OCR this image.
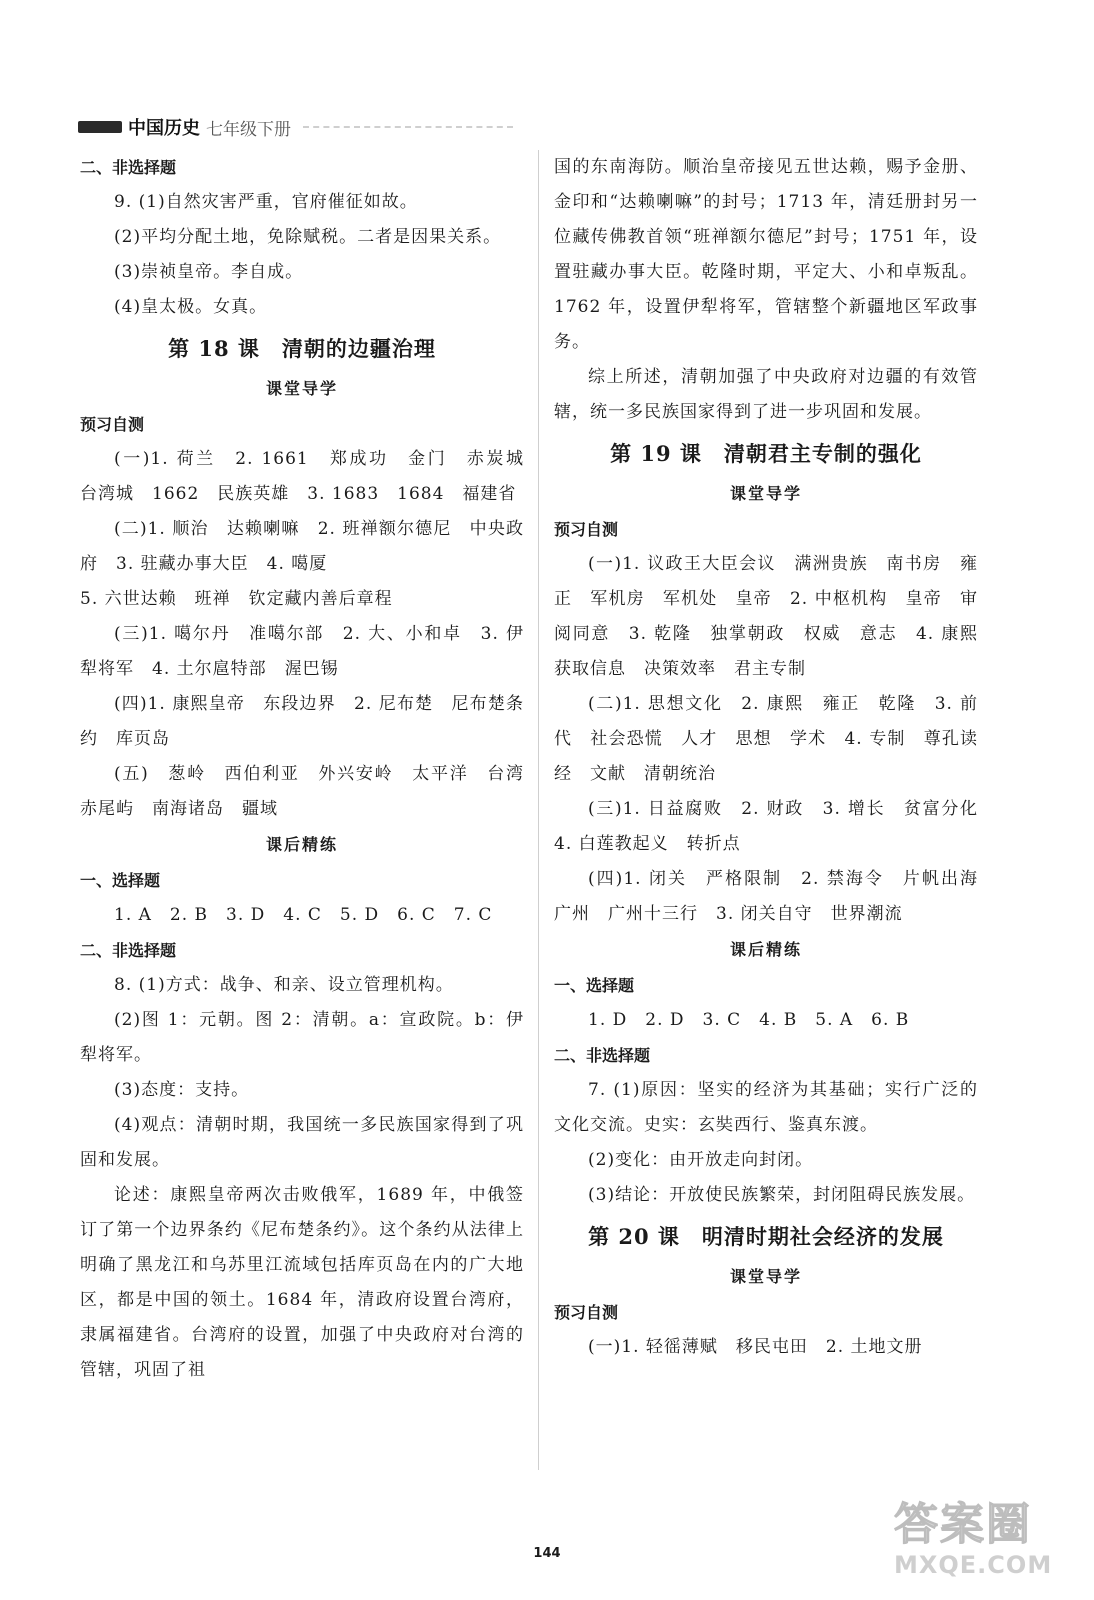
中国历史 七年级下册

二、非选择题

9. (1)自然灾害严重，官府催征如故。

(2)平均分配土地，免除赋税。二者是因果关系。

(3)崇祯皇帝。李自成。

(4)皇太极。女真。

第 18 课　清朝的边疆治理

课堂导学

预习自测

(一)1. 荷兰　2. 1661　郑成功　金门　赤炭城　台湾城　1662　民族英雄　3. 1683　1684　福建省

(二)1. 顺治　达赖喇嘛　2. 班禅额尔德尼　中央政府　3. 驻藏办事大臣　4. 噶厦

5. 六世达赖　班禅　钦定藏内善后章程

(三)1. 噶尔丹　准噶尔部　2. 大、小和卓　3. 伊犁将军　4. 土尔扈特部　渥巴锡

(四)1. 康熙皇帝　东段边界　2. 尼布楚　尼布楚条约　库页岛

(五)　葱岭　西伯利亚　外兴安岭　太平洋　台湾　赤尾屿　南海诸岛　疆域

课后精练

一、选择题

1. A　2. B　3. D　4. C　5. D　6. C　7. C

二、非选择题

8. (1)方式：战争、和亲、设立管理机构。

(2)图 1：元朝。图 2：清朝。a：宣政院。b：伊犁将军。

(3)态度：支持。

(4)观点：清朝时期，我国统一多民族国家得到了巩固和发展。

论述：康熙皇帝两次击败俄军，1689 年，中俄签订了第一个边界条约《尼布楚条约》。这个条约从法律上明确了黑龙江和乌苏里江流域包括库页岛在内的广大地区，都是中国的领土。1684 年，清政府设置台湾府，隶属福建省。台湾府的设置，加强了中央政府对台湾的管辖，巩固了祖

国的东南海防。顺治皇帝接见五世达赖，赐予金册、金印和“达赖喇嘛”的封号；1713 年，清廷册封另一位藏传佛教首领“班禅额尔德尼”封号；1751 年，设置驻藏办事大臣。乾隆时期，平定大、小和卓叛乱。1762 年，设置伊犁将军，管辖整个新疆地区军政事务。

综上所述，清朝加强了中央政府对边疆的有效管辖，统一多民族国家得到了进一步巩固和发展。

第 19 课　清朝君主专制的强化

课堂导学

预习自测

(一)1. 议政王大臣会议　满洲贵族　南书房　雍正　军机房　军机处　皇帝　2. 中枢机构　皇帝　审阅同意　3. 乾隆　独掌朝政　权威　意志　4. 康熙　获取信息　决策效率　君主专制

(二)1. 思想文化　2. 康熙　雍正　乾隆　3. 前代　社会恐慌　人才　思想　学术　4. 专制　尊孔读经　文献　清朝统治

(三)1. 日益腐败　2. 财政　3. 增长　贫富分化　4. 白莲教起义　转折点

(四)1. 闭关　严格限制　2. 禁海令　片帆出海　广州　广州十三行　3. 闭关自守　世界潮流

课后精练

一、选择题

1. D　2. D　3. C　4. B　5. A　6. B

二、非选择题

7. (1)原因：坚实的经济为其基础；实行广泛的文化交流。史实：玄奘西行、鉴真东渡。

(2)变化：由开放走向封闭。

(3)结论：开放使民族繁荣，封闭阻碍民族发展。

第 20 课　明清时期社会经济的发展

课堂导学

预习自测

(一)1. 轻徭薄赋　移民屯田　2. 土地文册

144
答案圈
MXQE.COM
